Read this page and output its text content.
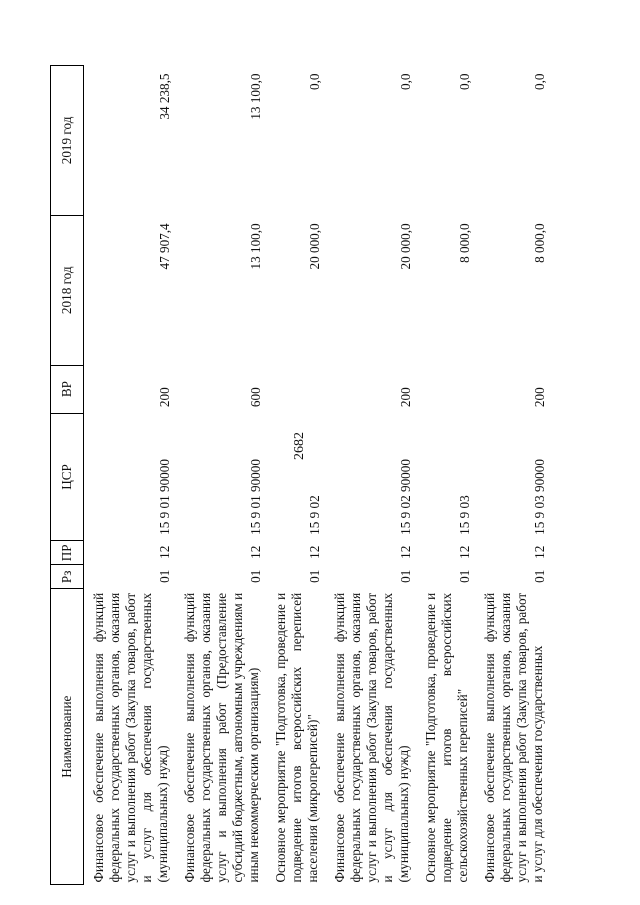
2682
Наименование	Рз	ПР	ЦСР	ВР	2018 год	2019 год
Финансовое обеспечение выполнения функций федеральных государственных органов, оказания услуг и выполнения работ (Закупка товаров, работ и услуг для обеспечения государственных (муниципальных) нужд)	01	12	15 9 01 90000	200	47 907,4	34 238,5
Финансовое обеспечение выполнения функций федеральных государственных органов, оказания услуг и выполнения работ (Предоставление субсидий бюджетным, автономным учреждениям и иным некоммерческим организациям)	01	12	15 9 01 90000	600	13 100,0	13 100,0
Основное мероприятие "Подготовка, проведение и подведение итогов всероссийских переписей населения (микропереписей)"	01	12	15 9 02		20 000,0	0,0
Финансовое обеспечение выполнения функций федеральных государственных органов, оказания услуг и выполнения работ (Закупка товаров, работ и услуг для обеспечения государственных (муниципальных) нужд)	01	12	15 9 02 90000	200	20 000,0	0,0
Основное мероприятие "Подготовка, проведение и подведение итогов всероссийских сельскохозяйственных переписей"	01	12	15 9 03		8 000,0	0,0
Финансовое обеспечение выполнения функций федеральных государственных органов, оказания услуг и выполнения работ (Закупка товаров, работ и услуг для обеспечения государственных	01	12	15 9 03 90000	200	8 000,0	0,0
